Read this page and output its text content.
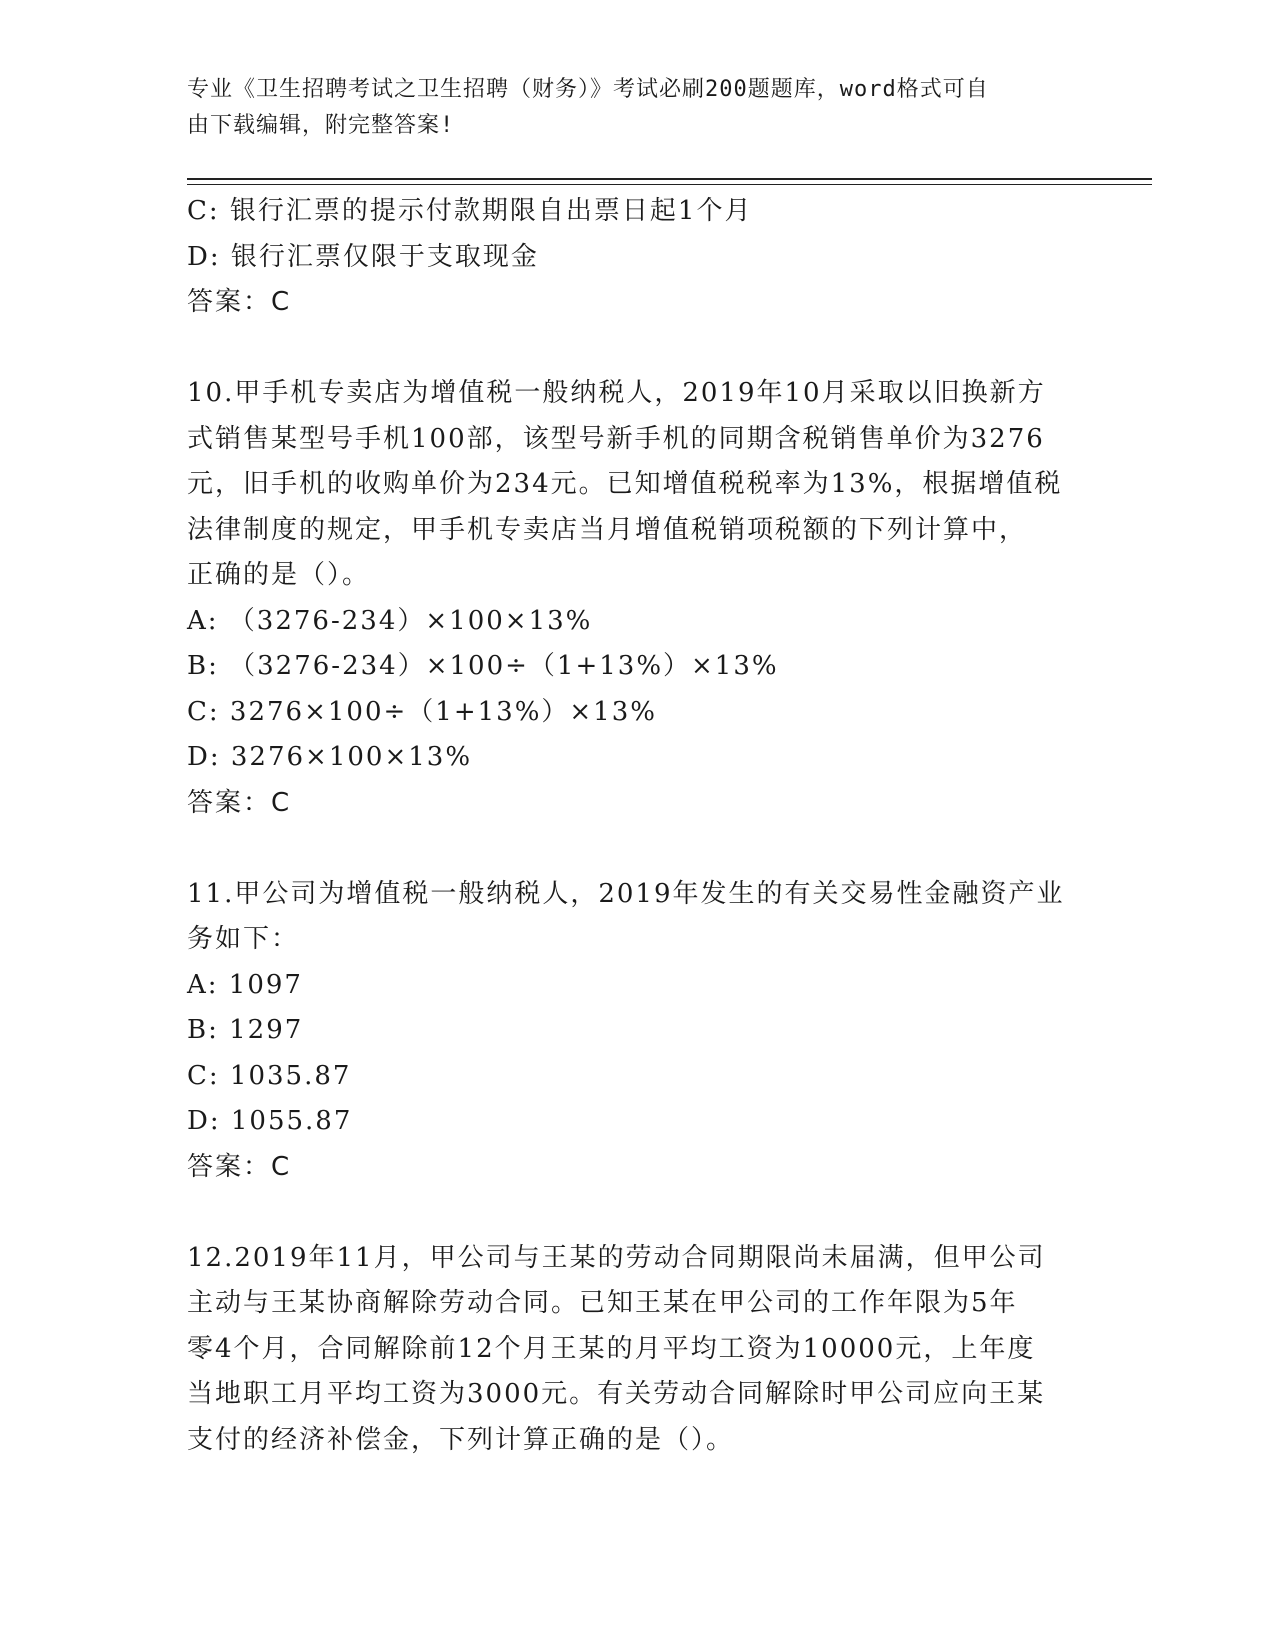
专业《卫生招聘考试之卫生招聘（财务）》考试必刷200题题库，word格式可自
由下载编辑，附完整答案!
C: 银行汇票的提示付款期限自出票日起1个月
D: 银行汇票仅限于支取现金
答案：C
10.甲手机专卖店为增值税一般纳税人，2019年10月采取以旧换新方
式销售某型号手机100部，该型号新手机的同期含税销售单价为3276
元，旧手机的收购单价为234元。已知增值税税率为13%，根据增值税
法律制度的规定，甲手机专卖店当月增值税销项税额的下列计算中，
正确的是（）。
A: （3276-234）×100×13%
B: （3276-234）×100÷（1+13%）×13%
C: 3276×100÷（1+13%）×13%
D: 3276×100×13%
答案：C
11.甲公司为增值税一般纳税人，2019年发生的有关交易性金融资产业
务如下：
A: 1097
B: 1297
C: 1035.87
D: 1055.87
答案：C
12.2019年11月，甲公司与王某的劳动合同期限尚未届满，但甲公司
主动与王某协商解除劳动合同。已知王某在甲公司的工作年限为5年
零4个月，合同解除前12个月王某的月平均工资为10000元，上年度
当地职工月平均工资为3000元。有关劳动合同解除时甲公司应向王某
支付的经济补偿金，下列计算正确的是（）。
